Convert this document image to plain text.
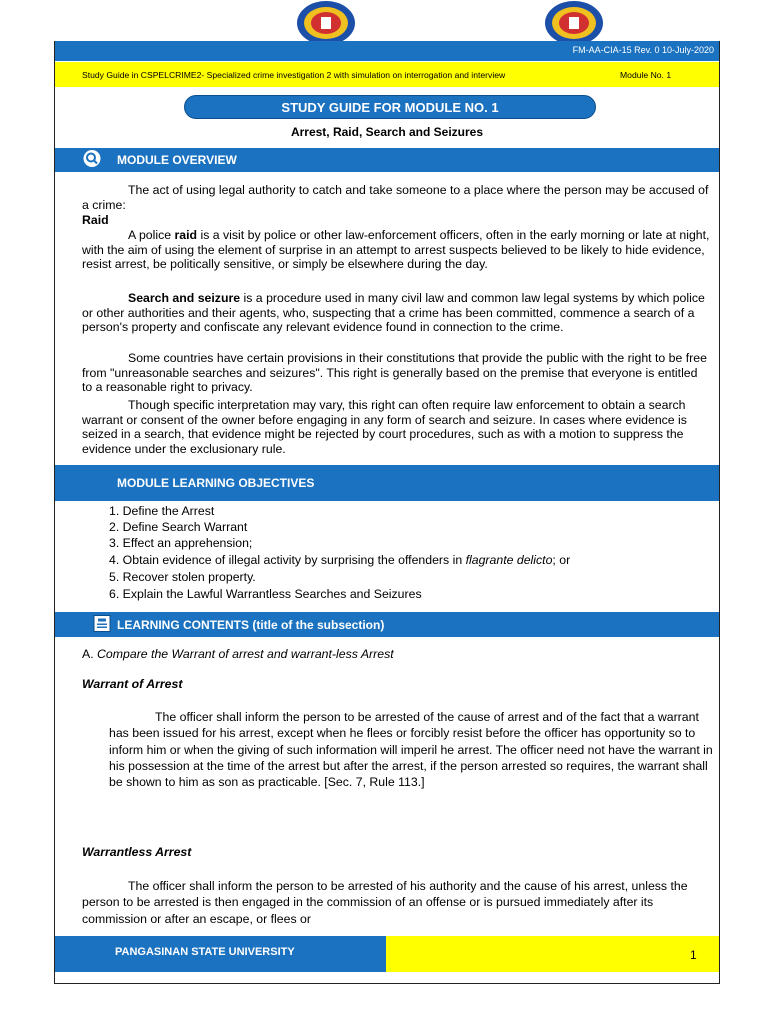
FM-AA-CIA-15 Rev. 0 10-July-2020
Study Guide in CSPELCRIME2- Specialized crime investigation 2 with simulation on interrogation and interview	Module No. 1
STUDY GUIDE FOR MODULE NO. 1
Arrest, Raid, Search and Seizures
MODULE OVERVIEW
The act of using legal authority to catch and take someone to a place where the person may be accused of a crime:
Raid
A police raid is a visit by police or other law-enforcement officers, often in the early morning or late at night, with the aim of using the element of surprise in an attempt to arrest suspects believed to be likely to hide evidence, resist arrest, be politically sensitive, or simply be elsewhere during the day.
Search and seizure is a procedure used in many civil law and common law legal systems by which police or other authorities and their agents, who, suspecting that a crime has been committed, commence a search of a person's property and confiscate any relevant evidence found in connection to the crime.
Some countries have certain provisions in their constitutions that provide the public with the right to be free from "unreasonable searches and seizures". This right is generally based on the premise that everyone is entitled to a reasonable right to privacy.
Though specific interpretation may vary, this right can often require law enforcement to obtain a search warrant or consent of the owner before engaging in any form of search and seizure. In cases where evidence is seized in a search, that evidence might be rejected by court procedures, such as with a motion to suppress the evidence under the exclusionary rule.
MODULE LEARNING OBJECTIVES
1. Define the Arrest
2. Define Search Warrant
3. Effect an apprehension;
4. Obtain evidence of illegal activity by surprising the offenders in flagrante delicto; or
5. Recover stolen property.
6. Explain the Lawful Warrantless Searches and Seizures
LEARNING CONTENTS (title of the subsection)
A. Compare the Warrant of arrest and warrant-less Arrest
Warrant of Arrest
The officer shall inform the person to be arrested of the cause of arrest and of the fact that a warrant has been issued for his arrest, except when he flees or forcibly resist before the officer has opportunity so to inform him or when the giving of such information will imperil he arrest. The officer need not have the warrant in his possession at the time of the arrest but after the arrest, if the person arrested so requires, the warrant shall be shown to him as son as practicable. [Sec. 7, Rule 113.]
Warrantless Arrest
The officer shall inform the person to be arrested of his authority and the cause of his arrest, unless the person to be arrested is then engaged in the commission of an offense or is pursued immediately after its commission or after an escape, or flees or
PANGASINAN STATE UNIVERSITY	1
